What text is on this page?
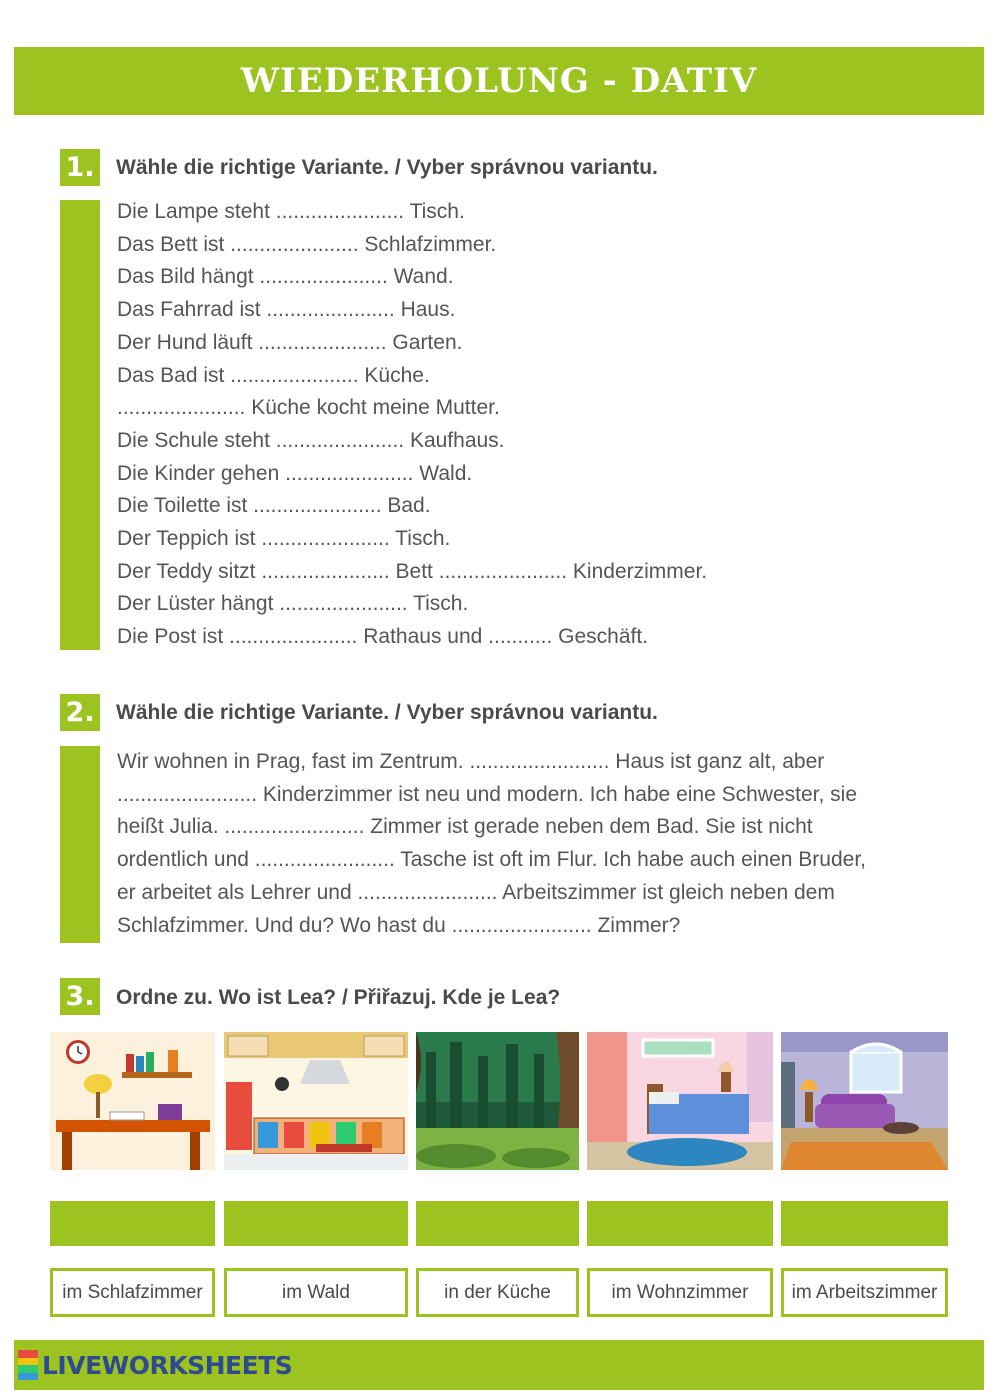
WIEDERHOLUNG - DATIV
1. Wähle die richtige Variante. / Vyber správnou variantu.
Die Lampe steht ...................... Tisch.
Das Bett ist ...................... Schlafzimmer.
Das Bild hängt ...................... Wand.
Das Fahrrad ist ...................... Haus.
Der Hund läuft ...................... Garten.
Das Bad ist ...................... Küche.
...................... Küche kocht meine Mutter.
Die Schule steht ...................... Kaufhaus.
Die Kinder gehen ...................... Wald.
Die Toilette ist ...................... Bad.
Der Teppich ist ...................... Tisch.
Der Teddy sitzt ...................... Bett ...................... Kinderzimmer.
Der Lüster hängt ...................... Tisch.
Die Post ist ...................... Rathaus und ........... Geschäft.
2. Wähle die richtige Variante. / Vyber správnou variantu.
Wir wohnen in Prag, fast im Zentrum. ........................ Haus ist ganz alt, aber
........................ Kinderzimmer ist neu und modern. Ich habe eine Schwester, sie
heißt Julia. ........................ Zimmer ist gerade neben dem Bad. Sie ist nicht
ordentlich und ........................ Tasche ist oft im Flur. Ich habe auch einen Bruder,
er arbeitet als Lehrer und ........................ Arbeitszimmer ist gleich neben dem
Schlafzimmer. Und du? Wo hast du ........................ Zimmer?
3. Ordne zu. Wo ist Lea? / Přiřazuj. Kde je Lea?
im Schlafzimmer	im Wald	in der Küche	im Wohnzimmer	im Arbeitszimmer
LIVEWORKSHEETS
